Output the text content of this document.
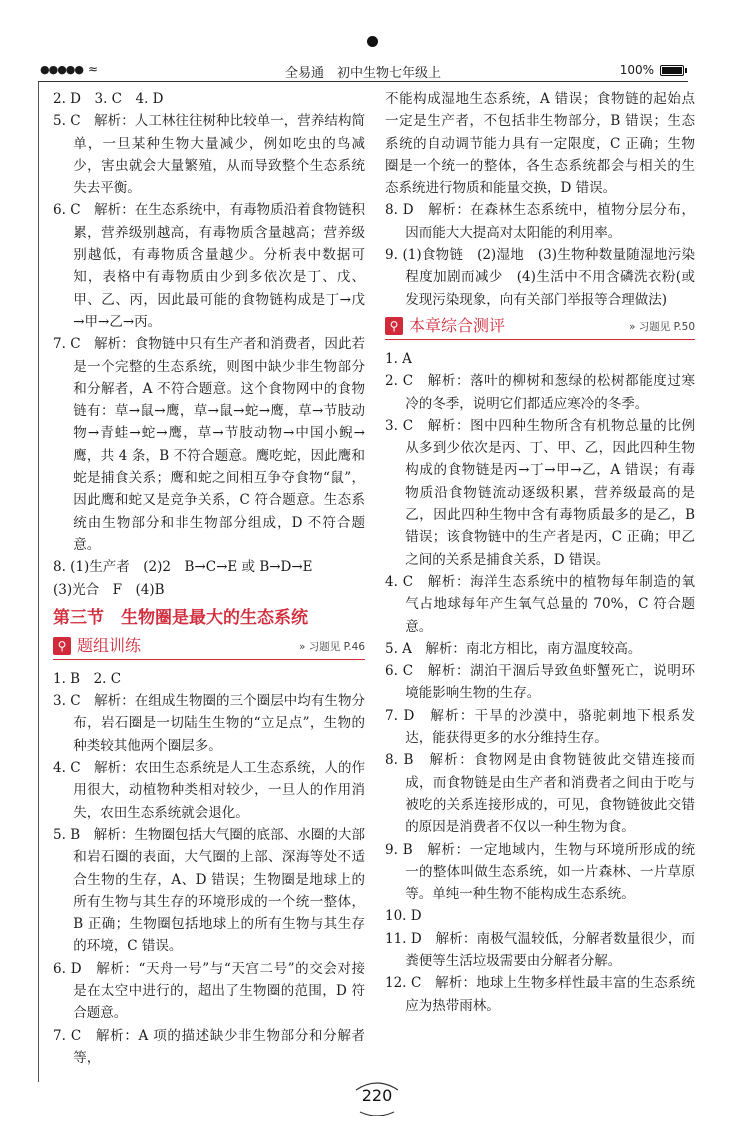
●●●●● ≈	全易通　初中生物七年级上	100%
2. D　3. C　4. D
5. C　解析：人工林往往树种比较单一，营养结构简单，一旦某种生物大量减少，例如吃虫的鸟减少，害虫就会大量繁殖，从而导致整个生态系统失去平衡。
6. C　解析：在生态系统中，有毒物质沿着食物链积累，营养级别越高，有毒物质含量越高；营养级别越低，有毒物质含量越少。分析表中数据可知，表格中有毒物质由少到多依次是丁、戊、甲、乙、丙，因此最可能的食物链构成是丁→戊→甲→乙→丙。
7. C　解析：食物链中只有生产者和消费者，因此若是一个完整的生态系统，则图中缺少非生物部分和分解者，A 不符合题意。这个食物网中的食物链有：草→鼠→鹰，草→鼠→蛇→鹰，草→节肢动物→青蛙→蛇→鹰，草→节肢动物→中国小鲵→鹰，共 4 条，B 不符合题意。鹰吃蛇，因此鹰和蛇是捕食关系；鹰和蛇之间相互争夺食物“鼠”，因此鹰和蛇又是竞争关系，C 符合题意。生态系统由生物部分和非生物部分组成，D 不符合题意。
8. (1)生产者　(2)2　B→C→E 或 B→D→E
(3)光合　F　(4)B
第三节　生物圈是最大的生态系统
⚲ 题组训练	» 习题见 P.46
1. B　2. C
3. C　解析：在组成生物圈的三个圈层中均有生物分布，岩石圈是一切陆生生物的“立足点”，生物的种类较其他两个圈层多。
4. C　解析：农田生态系统是人工生态系统，人的作用很大，动植物种类相对较少，一旦人的作用消失，农田生态系统就会退化。
5. B　解析：生物圈包括大气圈的底部、水圈的大部和岩石圈的表面，大气圈的上部、深海等处不适合生物的生存，A、D 错误；生物圈是地球上的所有生物与其生存的环境形成的一个统一整体，B 正确；生物圈包括地球上的所有生物与其生存的环境，C 错误。
6. D　解析：“天舟一号”与“天宫二号”的交会对接是在太空中进行的，超出了生物圈的范围，D 符合题意。
7. C　解析：A 项的描述缺少非生物部分和分解者等，
不能构成湿地生态系统，A 错误；食物链的起始点一定是生产者，不包括非生物部分，B 错误；生态系统的自动调节能力具有一定限度，C 正确；生物圈是一个统一的整体，各生态系统都会与相关的生态系统进行物质和能量交换，D 错误。
8. D　解析：在森林生态系统中，植物分层分布，因而能大大提高对太阳能的利用率。
9. (1)食物链　(2)湿地　(3)生物种数量随湿地污染程度加剧而减少　(4)生活中不用含磷洗衣粉(或发现污染现象，向有关部门举报等合理做法)
⚲ 本章综合测评	» 习题见 P.50
1. A
2. C　解析：落叶的柳树和葱绿的松树都能度过寒冷的冬季，说明它们都适应寒冷的冬季。
3. C　解析：图中四种生物所含有机物总量的比例从多到少依次是丙、丁、甲、乙，因此四种生物构成的食物链是丙→丁→甲→乙，A 错误；有毒物质沿食物链流动逐级积累，营养级最高的是乙，因此四种生物中含有毒物质最多的是乙，B 错误；该食物链中的生产者是丙，C 正确；甲乙之间的关系是捕食关系，D 错误。
4. C　解析：海洋生态系统中的植物每年制造的氧气占地球每年产生氧气总量的 70%，C 符合题意。
5. A　解析：南北方相比，南方温度较高。
6. C　解析：湖泊干涸后导致鱼虾蟹死亡，说明环境能影响生物的生存。
7. D　解析：干旱的沙漠中，骆驼刺地下根系发达，能获得更多的水分维持生存。
8. B　解析：食物网是由食物链彼此交错连接而成，而食物链是由生产者和消费者之间由于吃与被吃的关系连接形成的，可见，食物链彼此交错的原因是消费者不仅以一种生物为食。
9. B　解析：一定地域内，生物与环境所形成的统一的整体叫做生态系统，如一片森林、一片草原等。单纯一种生物不能构成生态系统。
10. D
11. D　解析：南极气温较低，分解者数量很少，而粪便等生活垃圾需要由分解者分解。
12. C　解析：地球上生物多样性最丰富的生态系统应为热带雨林。
220
